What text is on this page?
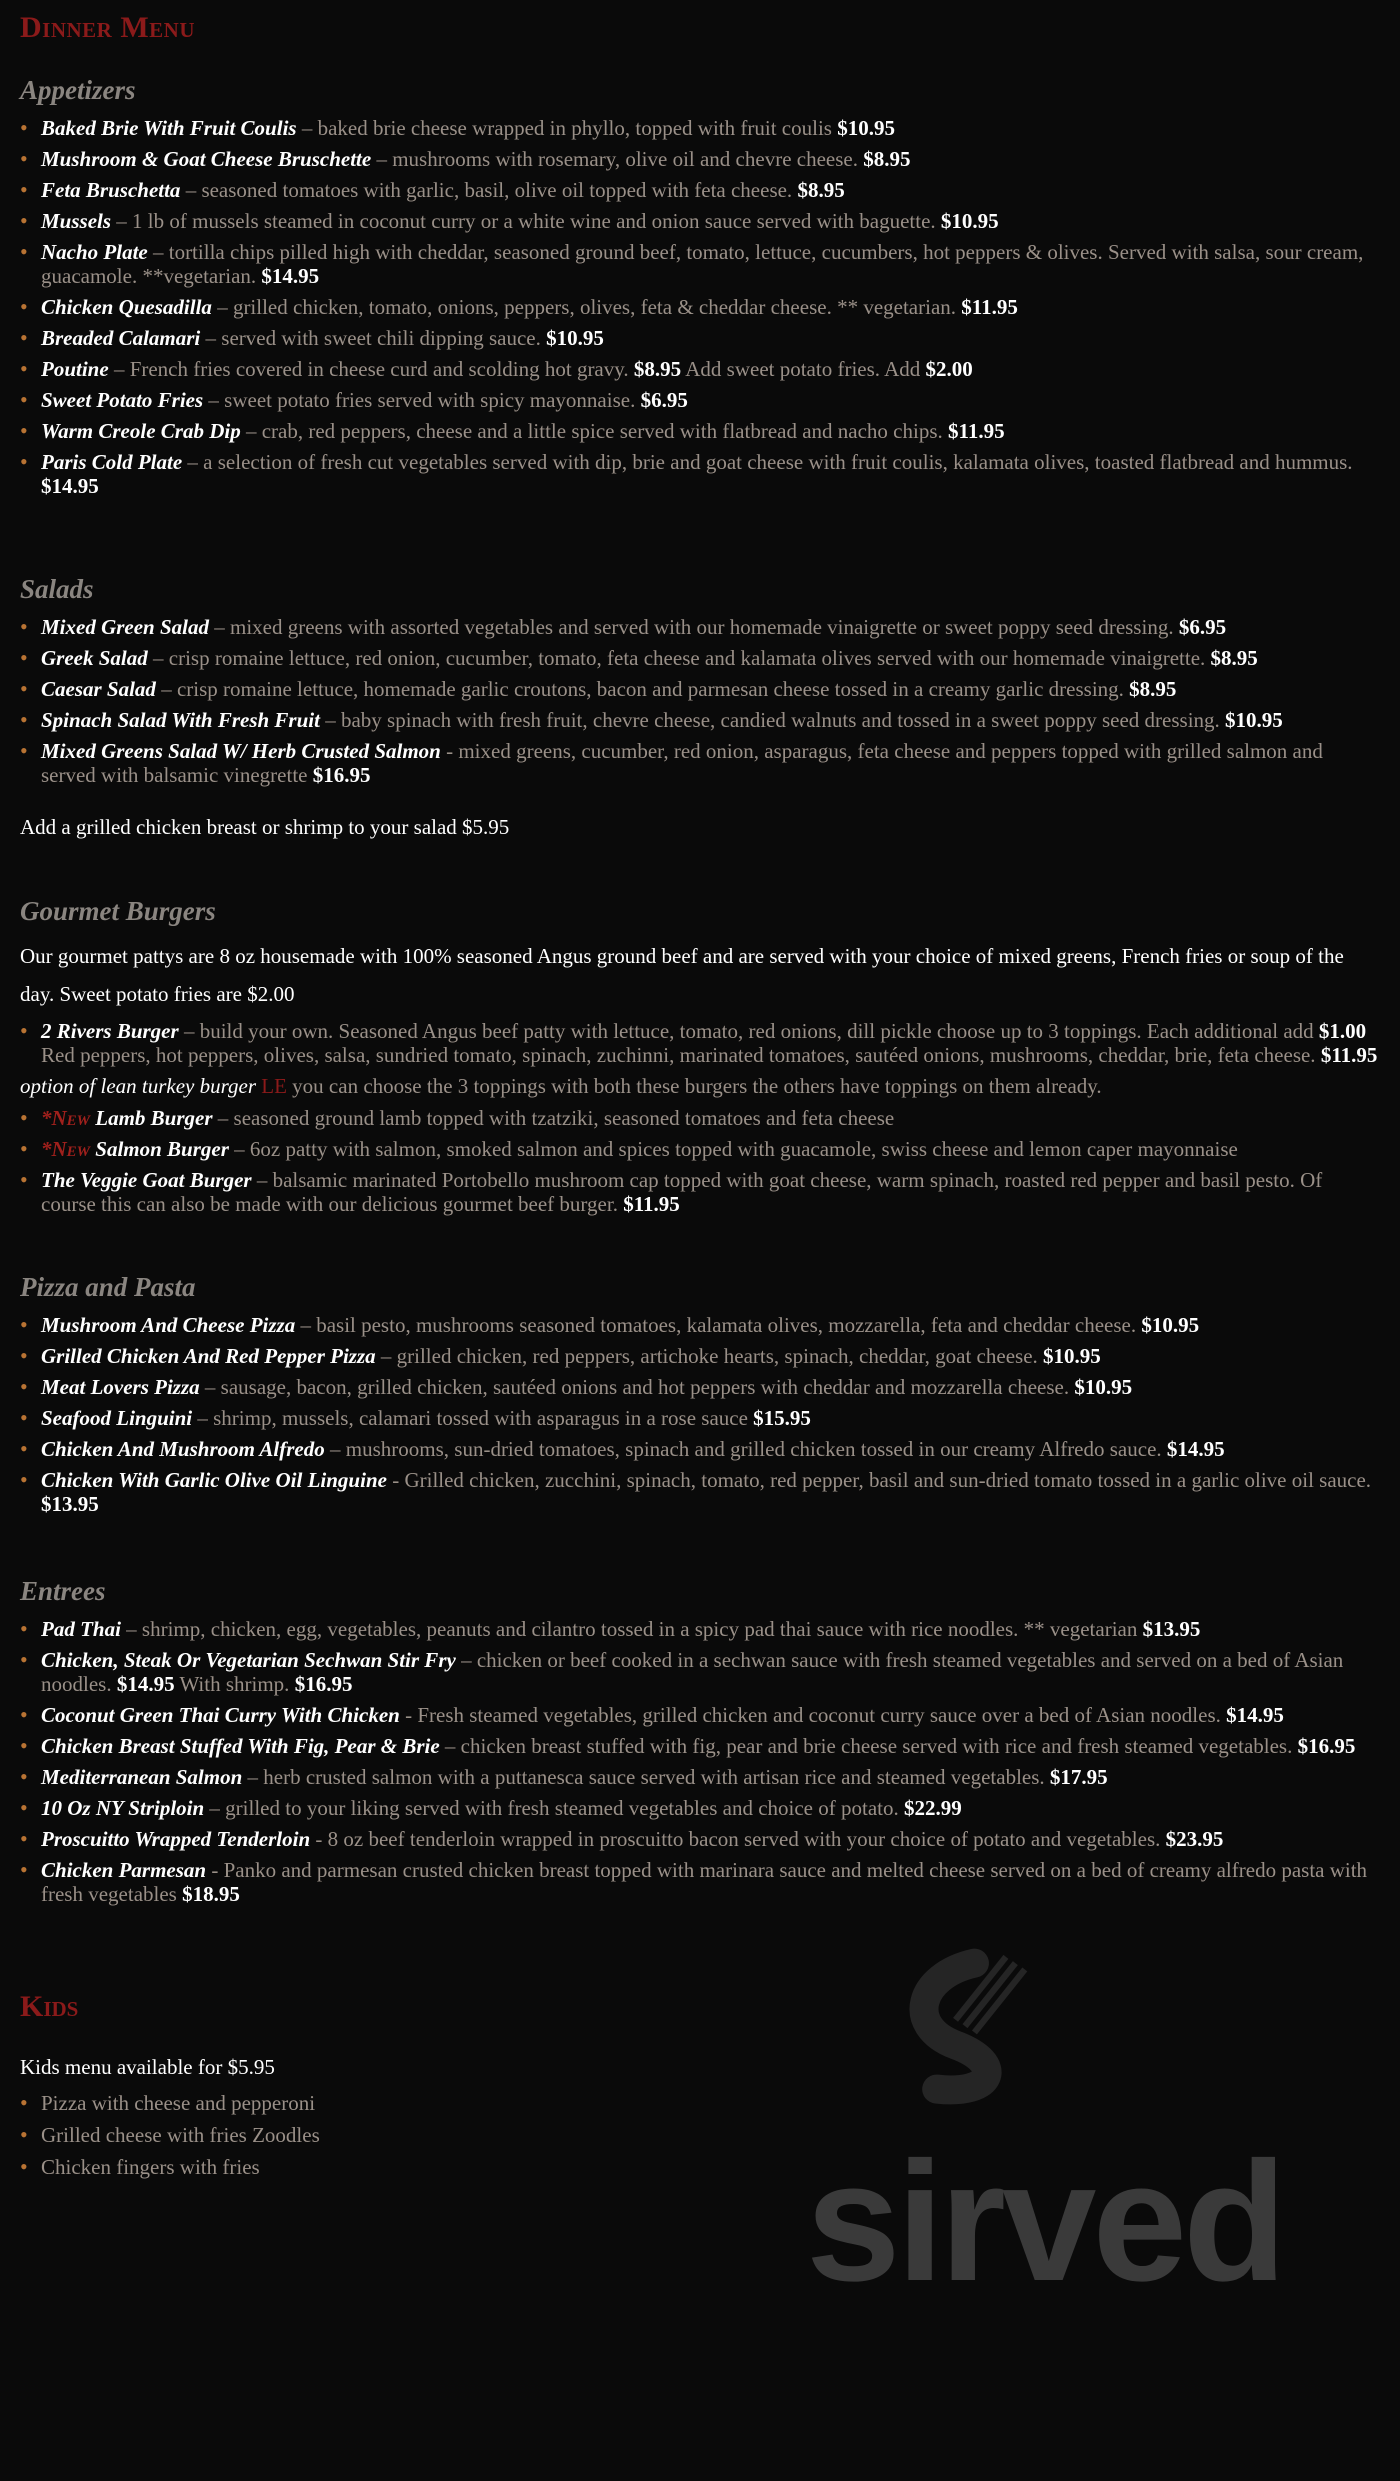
Dinner Menu
Appetizers
• Baked Brie With Fruit Coulis – baked brie cheese wrapped in phyllo, topped with fruit coulis $10.95
• Mushroom & Goat Cheese Bruschette – mushrooms with rosemary, olive oil and chevre cheese. $8.95
• Feta Bruschetta – seasoned tomatoes with garlic, basil, olive oil topped with feta cheese. $8.95
• Mussels – 1 lb of mussels steamed in coconut curry or a white wine and onion sauce served with baguette. $10.95
• Nacho Plate – tortilla chips pilled high with cheddar, seasoned ground beef, tomato, lettuce, cucumbers, hot peppers & olives. Served with salsa, sour cream, guacamole. **vegetarian. $14.95
• Chicken Quesadilla – grilled chicken, tomato, onions, peppers, olives, feta & cheddar cheese. ** vegetarian. $11.95
• Breaded Calamari – served with sweet chili dipping sauce. $10.95
• Poutine – French fries covered in cheese curd and scolding hot gravy. $8.95 Add sweet potato fries. Add $2.00
• Sweet Potato Fries – sweet potato fries served with spicy mayonnaise. $6.95
• Warm Creole Crab Dip – crab, red peppers, cheese and a little spice served with flatbread and nacho chips. $11.95
• Paris Cold Plate – a selection of fresh cut vegetables served with dip, brie and goat cheese with fruit coulis, kalamata olives, toasted flatbread and hummus. $14.95
Salads
• Mixed Green Salad – mixed greens with assorted vegetables and served with our homemade vinaigrette or sweet poppy seed dressing. $6.95
• Greek Salad – crisp romaine lettuce, red onion, cucumber, tomato, feta cheese and kalamata olives served with our homemade vinaigrette. $8.95
• Caesar Salad – crisp romaine lettuce, homemade garlic croutons, bacon and parmesan cheese tossed in a creamy garlic dressing. $8.95
• Spinach Salad With Fresh Fruit – baby spinach with fresh fruit, chevre cheese, candied walnuts and tossed in a sweet poppy seed dressing. $10.95
• Mixed Greens Salad W/ Herb Crusted Salmon - mixed greens, cucumber, red onion, asparagus, feta cheese and peppers topped with grilled salmon and served with balsamic vinegrette $16.95

Add a grilled chicken breast or shrimp to your salad $5.95

Gourmet Burgers

Our gourmet pattys are 8 oz housemade with 100% seasoned Angus ground beef and are served with your choice of mixed greens, French fries or soup of the day. Sweet potato fries are $2.00

• 2 Rivers Burger – build your own. Seasoned Angus beef patty with lettuce, tomato, red onions, dill pickle choose up to 3 toppings. Each additional add $1.00 Red peppers, hot peppers, olives, salsa, sundried tomato, spinach, zuchinni, marinated tomatoes, sautéed onions, mushrooms, cheddar, brie, feta cheese. $11.95
option of lean turkey burger LE you can choose the 3 toppings with both these burgers the others have toppings on them already.
• *New Lamb Burger – seasoned ground lamb topped with tzatziki, seasoned tomatoes and feta cheese
• *New Salmon Burger – 6oz patty with salmon, smoked salmon and spices topped with guacamole, swiss cheese and lemon caper mayonnaise
• The Veggie Goat Burger – balsamic marinated Portobello mushroom cap topped with goat cheese, warm spinach, roasted red pepper and basil pesto. Of course this can also be made with our delicious gourmet beef burger. $11.95
Pizza and Pasta
• Mushroom And Cheese Pizza – basil pesto, mushrooms seasoned tomatoes, kalamata olives, mozzarella, feta and cheddar cheese. $10.95
• Grilled Chicken And Red Pepper Pizza – grilled chicken, red peppers, artichoke hearts, spinach, cheddar, goat cheese. $10.95
• Meat Lovers Pizza – sausage, bacon, grilled chicken, sautéed onions and hot peppers with cheddar and mozzarella cheese. $10.95
• Seafood Linguini – shrimp, mussels, calamari tossed with asparagus in a rose sauce $15.95
• Chicken And Mushroom Alfredo – mushrooms, sun-dried tomatoes, spinach and grilled chicken tossed in our creamy Alfredo sauce. $14.95
• Chicken With Garlic Olive Oil Linguine - Grilled chicken, zucchini, spinach, tomato, red pepper, basil and sun-dried tomato tossed in a garlic olive oil sauce. $13.95
Entrees
• Pad Thai – shrimp, chicken, egg, vegetables, peanuts and cilantro tossed in a spicy pad thai sauce with rice noodles. ** vegetarian $13.95
• Chicken, Steak Or Vegetarian Sechwan Stir Fry – chicken or beef cooked in a sechwan sauce with fresh steamed vegetables and served on a bed of Asian noodles. $14.95 With shrimp. $16.95
• Coconut Green Thai Curry With Chicken - Fresh steamed vegetables, grilled chicken and coconut curry sauce over a bed of Asian noodles. $14.95
• Chicken Breast Stuffed With Fig, Pear & Brie – chicken breast stuffed with fig, pear and brie cheese served with rice and fresh steamed vegetables. $16.95
• Mediterranean Salmon – herb crusted salmon with a puttanesca sauce served with artisan rice and steamed vegetables. $17.95
• 10 Oz NY Striploin – grilled to your liking served with fresh steamed vegetables and choice of potato. $22.99
• Proscuitto Wrapped Tenderloin - 8 oz beef tenderloin wrapped in proscuitto bacon served with your choice of potato and vegetables. $23.95
• Chicken Parmesan - Panko and parmesan crusted chicken breast topped with marinara sauce and melted cheese served on a bed of creamy alfredo pasta with fresh vegetables $18.95
Kids

Kids menu available for $5.95

• Pizza with cheese and pepperoni
• Grilled cheese with fries Zoodles
• Chicken fingers with fries	sirved
